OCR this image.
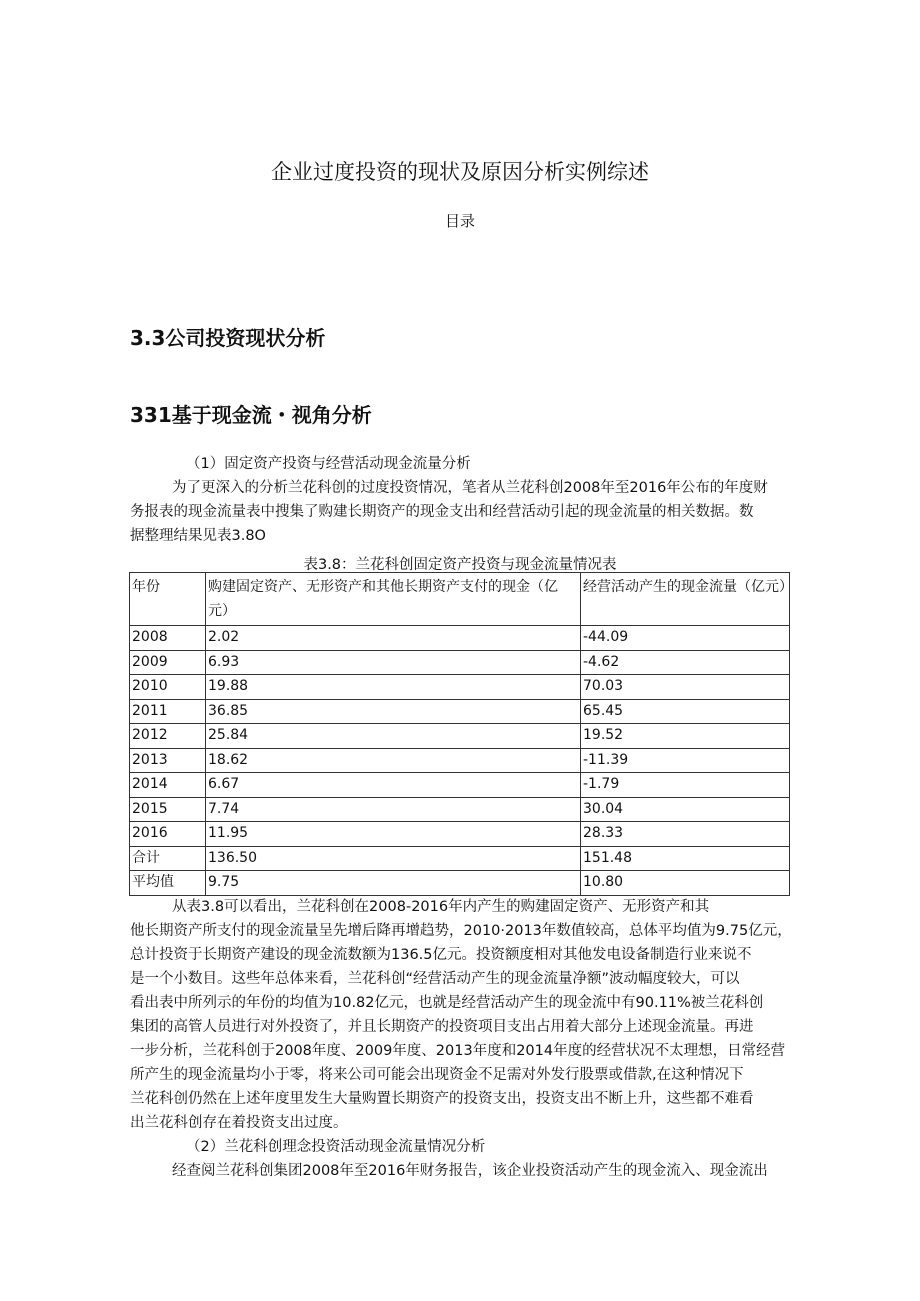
企业过度投资的现状及原因分析实例综述
目录
3.3公司投资现状分析
331基于现金流・视角分析
（1）固定资产投资与经营活动现金流量分析
为了更深入的分析兰花科创的过度投资情况，笔者从兰花科创2008年至2016年公布的年度财
务报表的现金流量表中搜集了购建长期资产的现金支出和经营活动引起的现金流量的相关数据。数
据整理结果见表3.8O
表3.8：兰花科创固定资产投资与现金流量情况表
年份	购建固定资产、无形资产和其他长期资产支付的现金（亿元）	经营活动产生的现金流量（亿元）
2008	2.02	-44.09
2009	6.93	-4.62
2010	19.88	70.03
2011	36.85	65.45
2012	25.84	19.52
2013	18.62	-11.39
2014	6.67	-1.79
2015	7.74	30.04
2016	11.95	28.33
合计	136.50	151.48
平均值	9.75	10.80
从表3.8可以看出，兰花科创在2008-2016年内产生的购建固定资产、无形资产和其
他长期资产所支付的现金流量呈先增后降再增趋势，2010·2013年数值较高，总体平均值为9.75亿元，
总计投资于长期资产建设的现金流数额为136.5亿元。投资额度相对其他发电设备制造行业来说不
是一个小数目。这些年总体来看，兰花科创“经营活动产生的现金流量净额”波动幅度较大，可以
看出表中所列示的年份的均值为10.82亿元，也就是经营活动产生的现金流中有90.11%被兰花科创
集团的高管人员进行对外投资了，并且长期资产的投资项目支出占用着大部分上述现金流量。再进
一步分析，兰花科创于2008年度、2009年度、2013年度和2014年度的经营状况不太理想，日常经营
所产生的现金流量均小于零，将来公司可能会出现资金不足需对外发行股票或借款,在这种情况下
兰花科创仍然在上述年度里发生大量购置长期资产的投资支出，投资支出不断上升，这些都不难看
出兰花科创存在着投资支出过度。
（2）兰花科创理念投资活动现金流量情况分析
经查阅兰花科创集团2008年至2016年财务报告，该企业投资活动产生的现金流入、现金流出
